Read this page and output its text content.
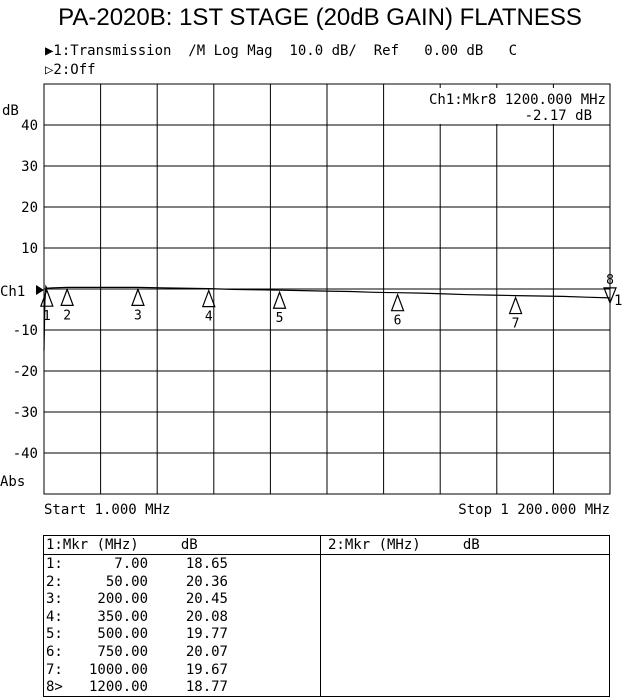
PA-2020B: 1ST STAGE (20dB GAIN) FLATNESS
▶1:Transmission  /M Log Mag  10.0 dB/  Ref   0.00 dB   C
▷2:Off
dB
Abs
Ch1
1
Start 1.000 MHz	Stop 1 200.000 MHz
40
30
20
10
-10
-20
-30
-40
1 2	3	4	5	6	7
8
Ch1:Mkr8 1200.000 MHz
-2.17 dB
1:Mkr (MHz)     dB	2:Mkr (MHz)     dB
1:	7.00	18.65
2:	50.00	20.36
3: 200.00	20.45
4: 350.00	20.08
5: 500.00	19.77
6: 750.00	20.07
7: 1000.00	19.67
8> 1200.00	18.77
